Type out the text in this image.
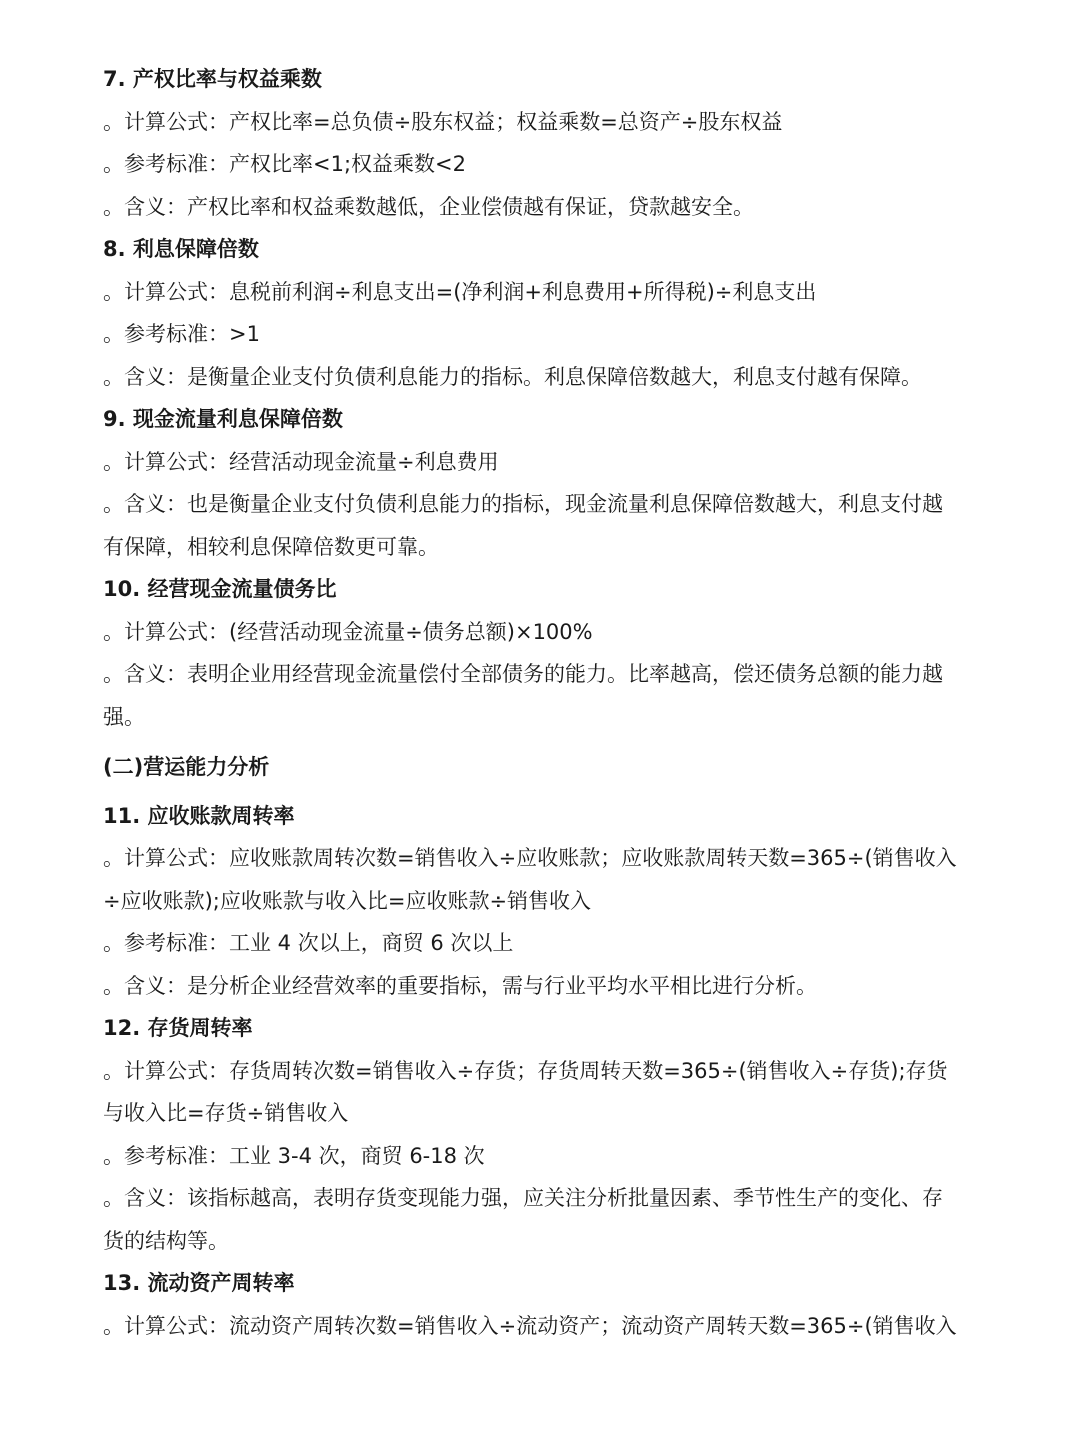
7. 产权比率与权益乘数
。计算公式：产权比率=总负债÷股东权益；权益乘数=总资产÷股东权益
。参考标准：产权比率<1;权益乘数<2
。含义：产权比率和权益乘数越低，企业偿债越有保证，贷款越安全。
8. 利息保障倍数
。计算公式：息税前利润÷利息支出=(净利润+利息费用+所得税)÷利息支出
。参考标准：>1
。含义：是衡量企业支付负债利息能力的指标。利息保障倍数越大，利息支付越有保障。
9. 现金流量利息保障倍数
。计算公式：经营活动现金流量÷利息费用
。含义：也是衡量企业支付负债利息能力的指标，现金流量利息保障倍数越大，利息支付越
有保障，相较利息保障倍数更可靠。
10. 经营现金流量债务比
。计算公式：(经营活动现金流量÷债务总额)×100%
。含义：表明企业用经营现金流量偿付全部债务的能力。比率越高，偿还债务总额的能力越
强。
(二)营运能力分析
11. 应收账款周转率
。计算公式：应收账款周转次数=销售收入÷应收账款；应收账款周转天数=365÷(销售收入
÷应收账款);应收账款与收入比=应收账款÷销售收入
。参考标准：工业 4 次以上，商贸 6 次以上
。含义：是分析企业经营效率的重要指标，需与行业平均水平相比进行分析。
12. 存货周转率
。计算公式：存货周转次数=销售收入÷存货；存货周转天数=365÷(销售收入÷存货);存货
与收入比=存货÷销售收入
。参考标准：工业 3-4 次，商贸 6-18 次
。含义：该指标越高，表明存货变现能力强，应关注分析批量因素、季节性生产的变化、存
货的结构等。
13. 流动资产周转率
。计算公式：流动资产周转次数=销售收入÷流动资产；流动资产周转天数=365÷(销售收入
